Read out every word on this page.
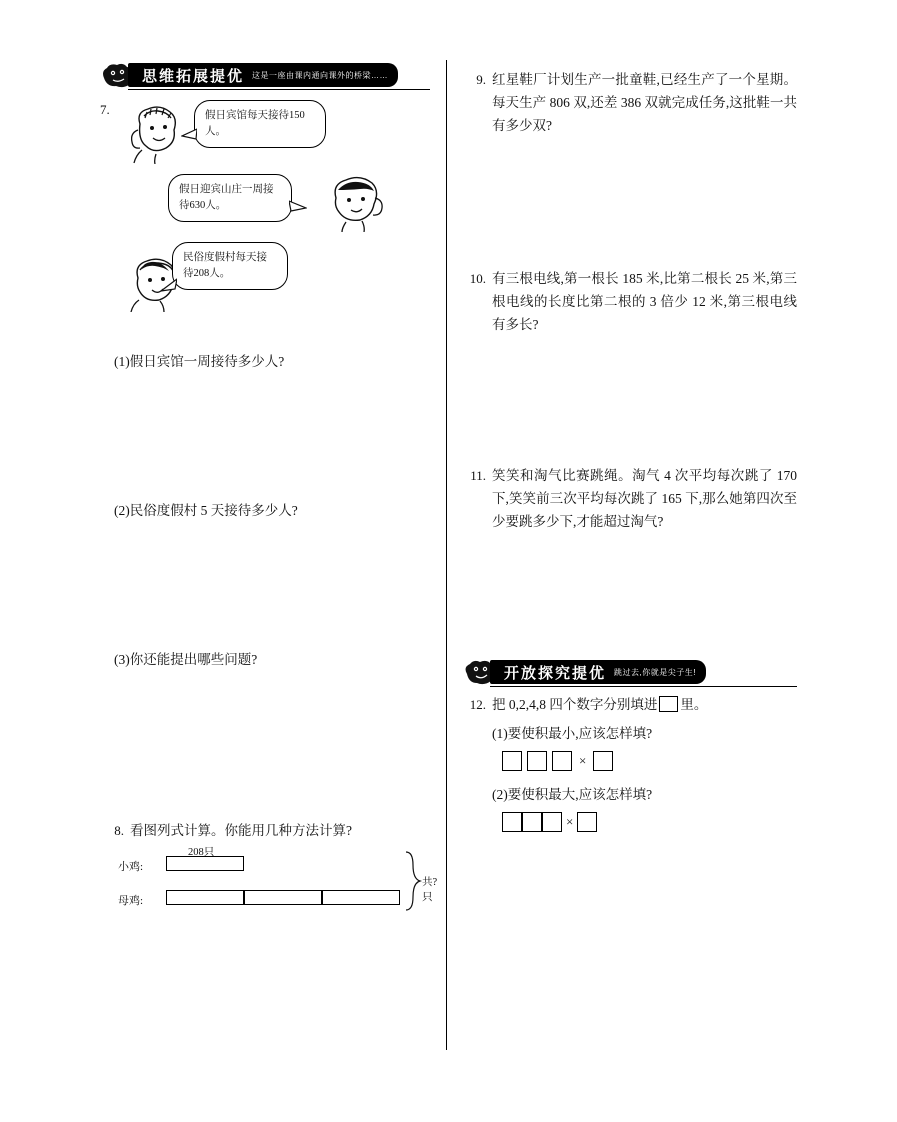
思维拓展提优 这是一座由课内通向课外的桥梁……
7.	假日宾馆每天接待150人。
假日迎宾山庄一周接待630人。
民俗度假村每天接待208人。
(1)假日宾馆一周接待多少人?
(2)民俗度假村 5 天接待多少人?
(3)你还能提出哪些问题?
8. 看图列式计算。你能用几种方法计算?
小鸡:
母鸡:
208只
共?只
9. 红星鞋厂计划生产一批童鞋,已经生产了一个星期。每天生产 806 双,还差 386 双就完成任务,这批鞋一共有多少双?
10. 有三根电线,第一根长 185 米,比第二根长 25 米,第三根电线的长度比第二根的 3 倍少 12 米,第三根电线有多长?
11. 笑笑和淘气比赛跳绳。淘气 4 次平均每次跳了 170 下,笑笑前三次平均每次跳了 165 下,那么她第四次至少要跳多少下,才能超过淘气?
开放探究提优 跳过去,你就是尖子生!
12. 把 0,2,4,8 四个数字分别填进 里。
(1)要使积最小,应该怎样填?
×
(2)要使积最大,应该怎样填?
×
